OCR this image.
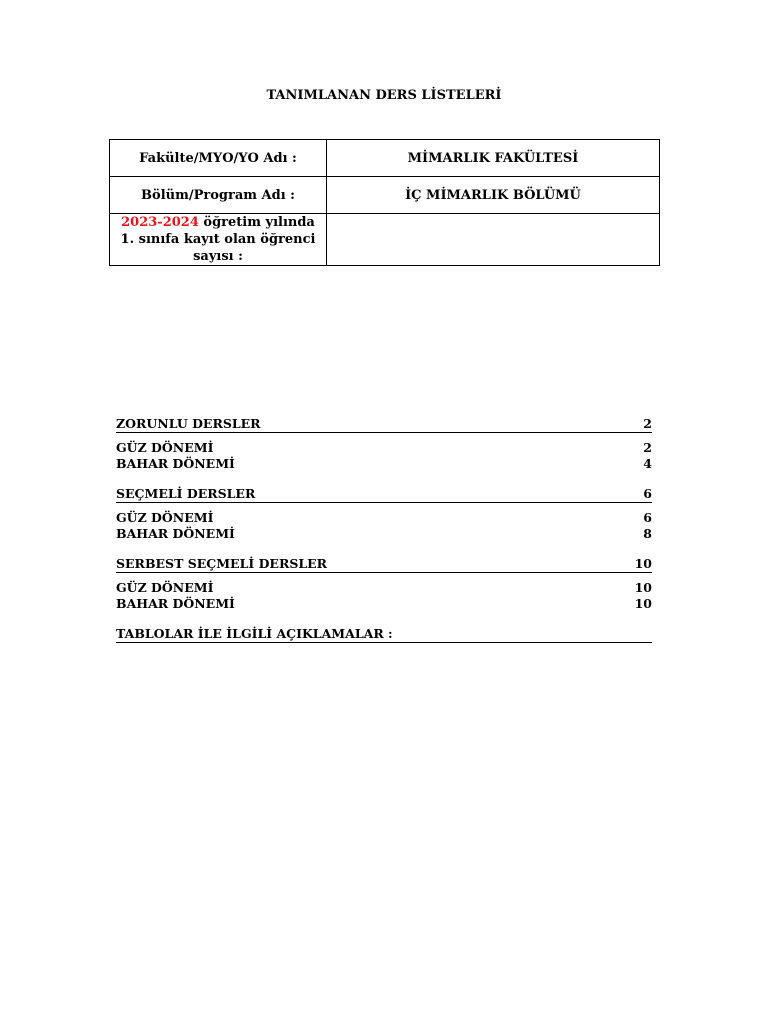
TANIMLANAN DERS LİSTELERİ
Fakülte/MYO/YO Adı :	MİMARLIK FAKÜLTESİ
Bölüm/Program Adı :	İÇ MİMARLIK BÖLÜMÜ
2023-2024 öğretim yılında 1. sınıfa kayıt olan öğrenci sayısı :	
ZORUNLU DERSLER	2
GÜZ DÖNEMİ	2
BAHAR DÖNEMİ	4
SEÇMELİ DERSLER	6
GÜZ DÖNEMİ	6
BAHAR DÖNEMİ	8
SERBEST SEÇMELİ DERSLER	10
GÜZ DÖNEMİ	10
BAHAR DÖNEMİ	10
TABLOLAR İLE İLGİLİ AÇIKLAMALAR :
